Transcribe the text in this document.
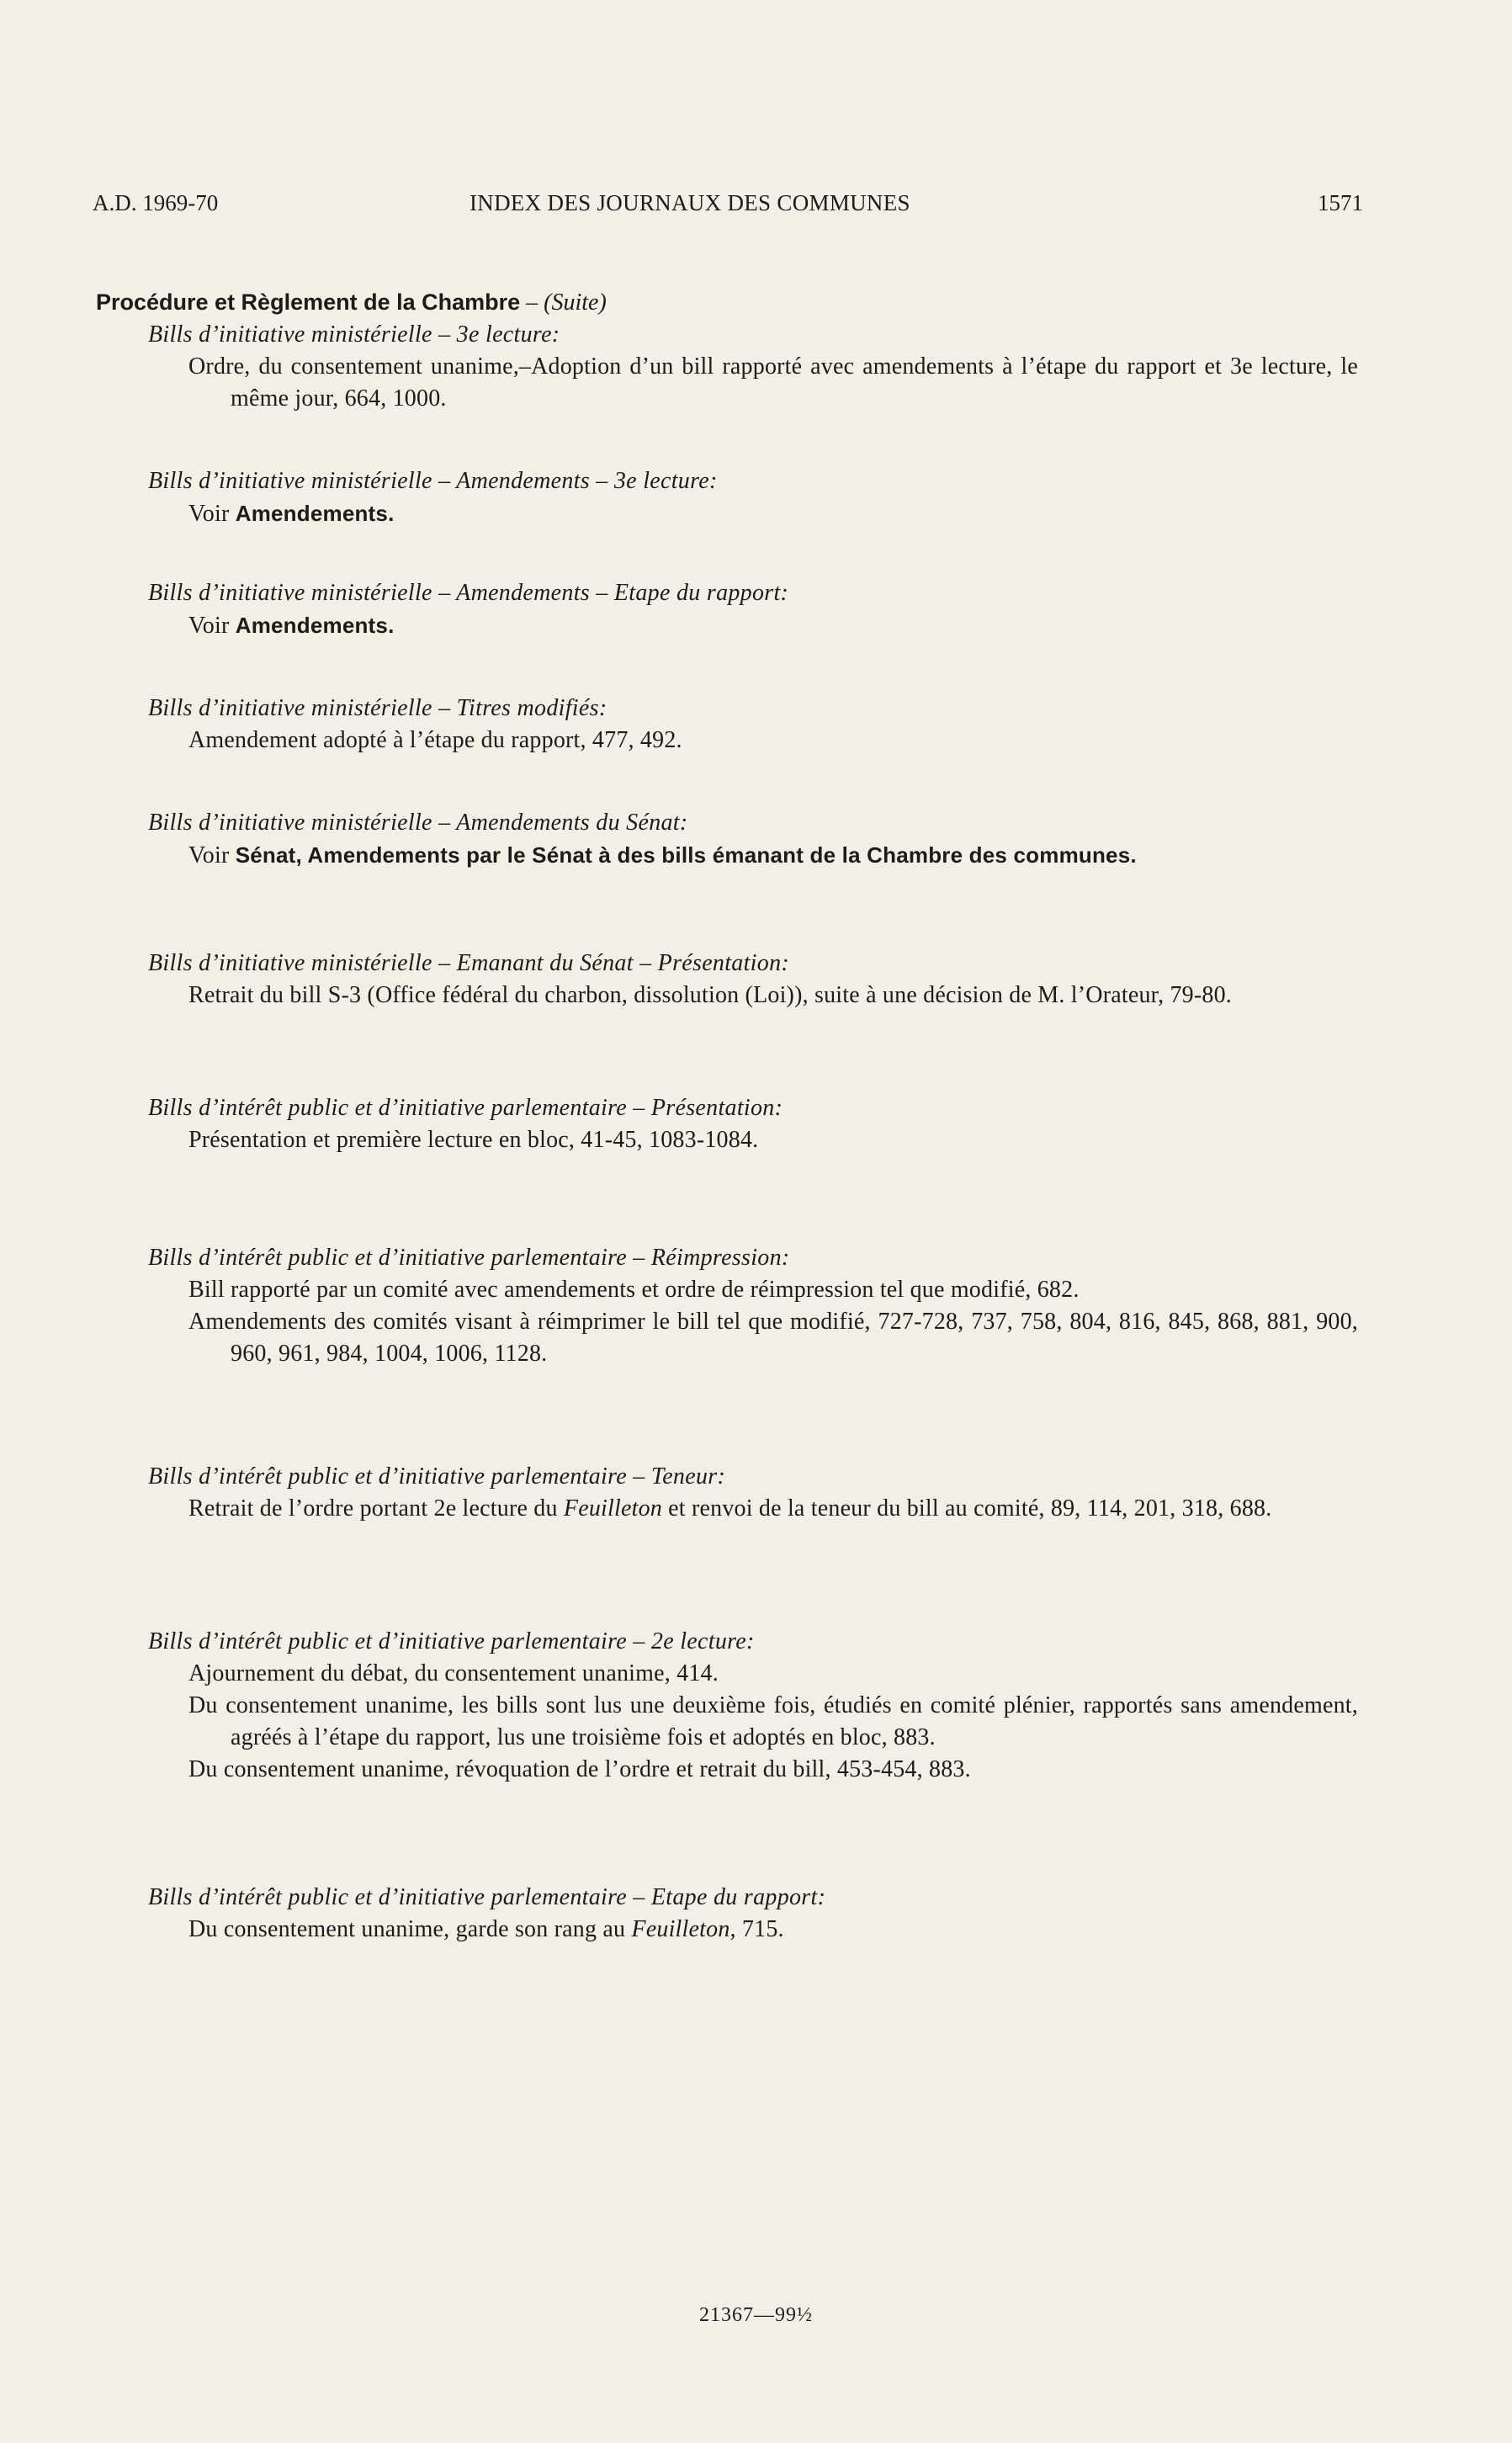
A.D. 1969-70	INDEX DES JOURNAUX DES COMMUNES	1571
Procédure et Règlement de la Chambre – (Suite)
Bills d’initiative ministérielle – 3e lecture:
Ordre, du consentement unanime,–Adoption d’un bill rapporté avec amendements à l’étape du rapport et 3e lecture, le même jour, 664, 1000.
Bills d’initiative ministérielle – Amendements – 3e lecture:
Voir Amendements.
Bills d’initiative ministérielle – Amendements – Etape du rapport:
Voir Amendements.
Bills d’initiative ministérielle – Titres modifiés:
Amendement adopté à l’étape du rapport, 477, 492.
Bills d’initiative ministérielle – Amendements du Sénat:
Voir Sénat, Amendements par le Sénat à des bills émanant de la Chambre des communes.
Bills d’initiative ministérielle – Emanant du Sénat – Présentation:
Retrait du bill S-3 (Office fédéral du charbon, dissolution (Loi)), suite à une décision de M. l’Orateur, 79-80.
Bills d’intérêt public et d’initiative parlementaire – Présentation:
Présentation et première lecture en bloc, 41-45, 1083-1084.
Bills d’intérêt public et d’initiative parlementaire – Réimpression:
Bill rapporté par un comité avec amendements et ordre de réimpression tel que modifié, 682.
Amendements des comités visant à réimprimer le bill tel que modifié, 727-728, 737, 758, 804, 816, 845, 868, 881, 900, 960, 961, 984, 1004, 1006, 1128.
Bills d’intérêt public et d’initiative parlementaire – Teneur:
Retrait de l’ordre portant 2e lecture du Feuilleton et renvoi de la teneur du bill au comité, 89, 114, 201, 318, 688.
Bills d’intérêt public et d’initiative parlementaire – 2e lecture:
Ajournement du débat, du consentement unanime, 414.
Du consentement unanime, les bills sont lus une deuxième fois, étudiés en comité plénier, rapportés sans amendement, agréés à l’étape du rapport, lus une troisième fois et adoptés en bloc, 883.
Du consentement unanime, révoquation de l’ordre et retrait du bill, 453-454, 883.
Bills d’intérêt public et d’initiative parlementaire – Etape du rapport:
Du consentement unanime, garde son rang au Feuilleton, 715.
21367—99½
